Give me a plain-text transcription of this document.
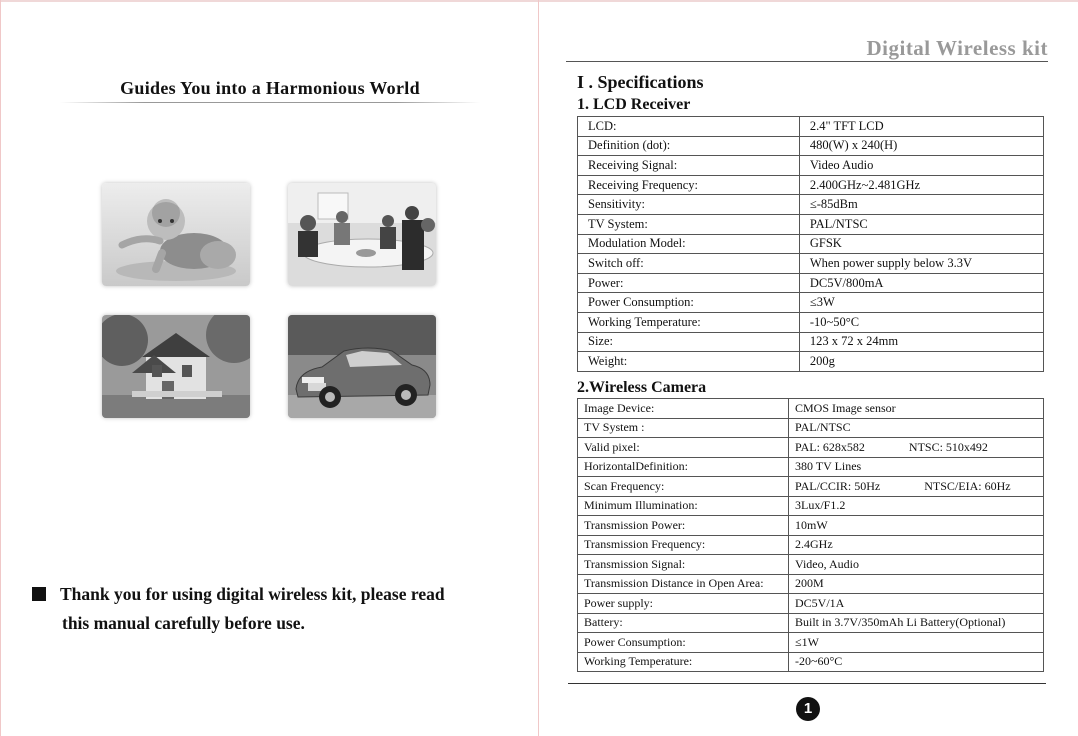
Guides You into a Harmonious World
Thank you for using digital wireless kit, please read
this manual carefully before use.
Digital Wireless kit
I . Specifications
1. LCD Receiver
LCD:	2.4" TFT LCD
Definition (dot):	480(W) x 240(H)
Receiving Signal:	Video Audio
Receiving Frequency:	2.400GHz~2.481GHz
Sensitivity:	≤-85dBm
TV System:	PAL/NTSC
Modulation Model:	GFSK
Switch off:	When power supply below 3.3V
Power:	DC5V/800mA
Power Consumption:	≤3W
Working Temperature:	-10~50°C
Size:	123 x 72 x 24mm
Weight:	200g
2.Wireless Camera
Image Device:	CMOS Image sensor
TV System :	PAL/NTSC
Valid pixel:	PAL: 628x582 NTSC: 510x492
HorizontalDefinition:	380 TV Lines
Scan Frequency:	PAL/CCIR: 50Hz NTSC/EIA: 60Hz
Minimum Illumination:	3Lux/F1.2
Transmission Power:	10mW
Transmission Frequency:	2.4GHz
Transmission Signal:	Video, Audio
Transmission Distance in Open Area:	200M
Power supply:	DC5V/1A
Battery:	Built in 3.7V/350mAh Li Battery(Optional)
Power Consumption:	≤1W
Working Temperature:	-20~60°C
1
